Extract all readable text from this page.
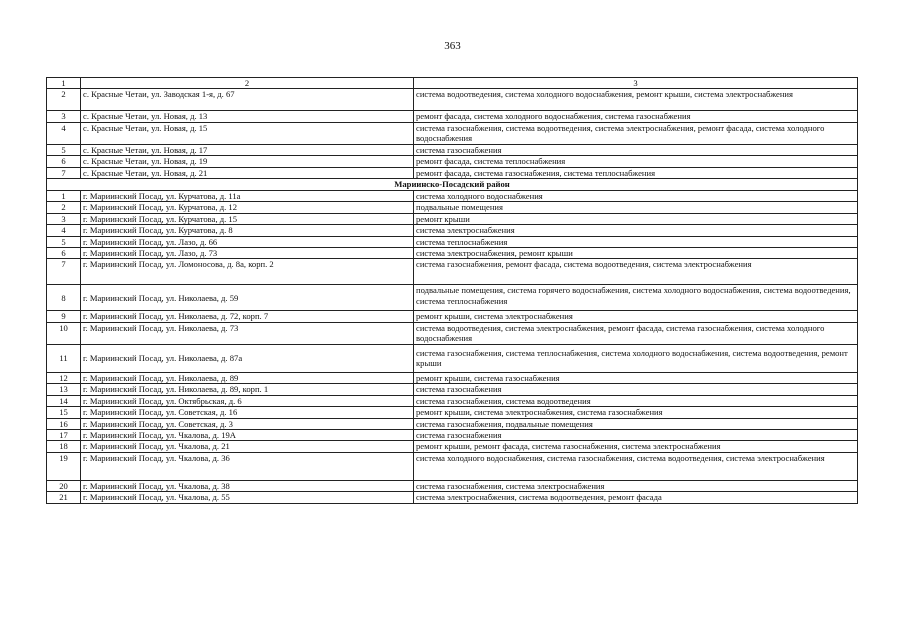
363
1	2	3
2	с. Красные Четаи, ул. Заводская 1-я, д. 67	система водоотведения, система холодного водоснабжения, ремонт крыши, система электроснабжения
3	с. Красные Четаи, ул. Новая, д. 13	ремонт фасада, система холодного водоснабжения, система газоснабжения
4	с. Красные Четаи, ул. Новая, д. 15	система газоснабжения, система водоотведения, система электроснабжения, ремонт фасада, система холодного водоснабжения
5	с. Красные Четаи, ул. Новая, д. 17	система газоснабжения
6	с. Красные Четаи, ул. Новая, д. 19	ремонт фасада, система теплоснабжения
7	с. Красные Четаи, ул. Новая, д. 21	ремонт фасада, система газоснабжения, система теплоснабжения
Мариинско-Посадский район		
1	г. Мариинский Посад, ул. Курчатова, д. 11а	система холодного водоснабжения
2	г. Мариинский Посад, ул. Курчатова, д. 12	подвальные помещения
3	г. Мариинский Посад, ул. Курчатова, д. 15	ремонт крыши
4	г. Мариинский Посад, ул. Курчатова, д. 8	система электроснабжения
5	г. Мариинский Посад, ул. Лазо, д. 66	система теплоснабжения
6	г. Мариинский Посад, ул. Лазо, д. 73	система электроснабжения, ремонт крыши
7	г. Мариинский Посад, ул. Ломоносова, д. 8а, корп. 2	система газоснабжения, ремонт фасада, система водоотведения, система электроснабжения
8	г. Мариинский Посад, ул. Николаева, д. 59	подвальные помещения, система горячего водоснабжения, система холодного водоснабжения, система водоотведения, система теплоснабжения
9	г. Мариинский Посад, ул. Николаева, д. 72, корп. 7	ремонт крыши, система электроснабжения
10	г. Мариинский Посад, ул. Николаева, д. 73	система водоотведения, система электроснабжения, ремонт фасада, система газоснабжения, система холодного водоснабжения
11	г. Мариинский Посад, ул. Николаева, д. 87а	система газоснабжения, система теплоснабжения, система холодного водоснабжения, система водоотведения, ремонт крыши
12	г. Мариинский Посад, ул. Николаева, д. 89	ремонт крыши, система газоснабжения
13	г. Мариинский Посад, ул. Николаева, д. 89, корп. 1	система газоснабжения
14	г. Мариинский Посад, ул. Октябрьская, д. 6	система газоснабжения, система водоотведения
15	г. Мариинский Посад, ул. Советская, д. 16	ремонт крыши, система электроснабжения, система газоснабжения
16	г. Мариинский Посад, ул. Советская, д. 3	система газоснабжения, подвальные помещения
17	г. Мариинский Посад, ул. Чкалова, д. 19А	система газоснабжения
18	г. Мариинский Посад, ул. Чкалова, д. 21	ремонт крыши, ремонт фасада, система газоснабжения, система электроснабжения
19	г. Мариинский Посад, ул. Чкалова, д. 36	система холодного водоснабжения, система газоснабжения, система водоотведения, система электроснабжения
20	г. Мариинский Посад, ул. Чкалова, д. 38	система газоснабжения, система электроснабжения
21	г. Мариинский Посад, ул. Чкалова, д. 55	система электроснабжения, система водоотведения, ремонт фасада
